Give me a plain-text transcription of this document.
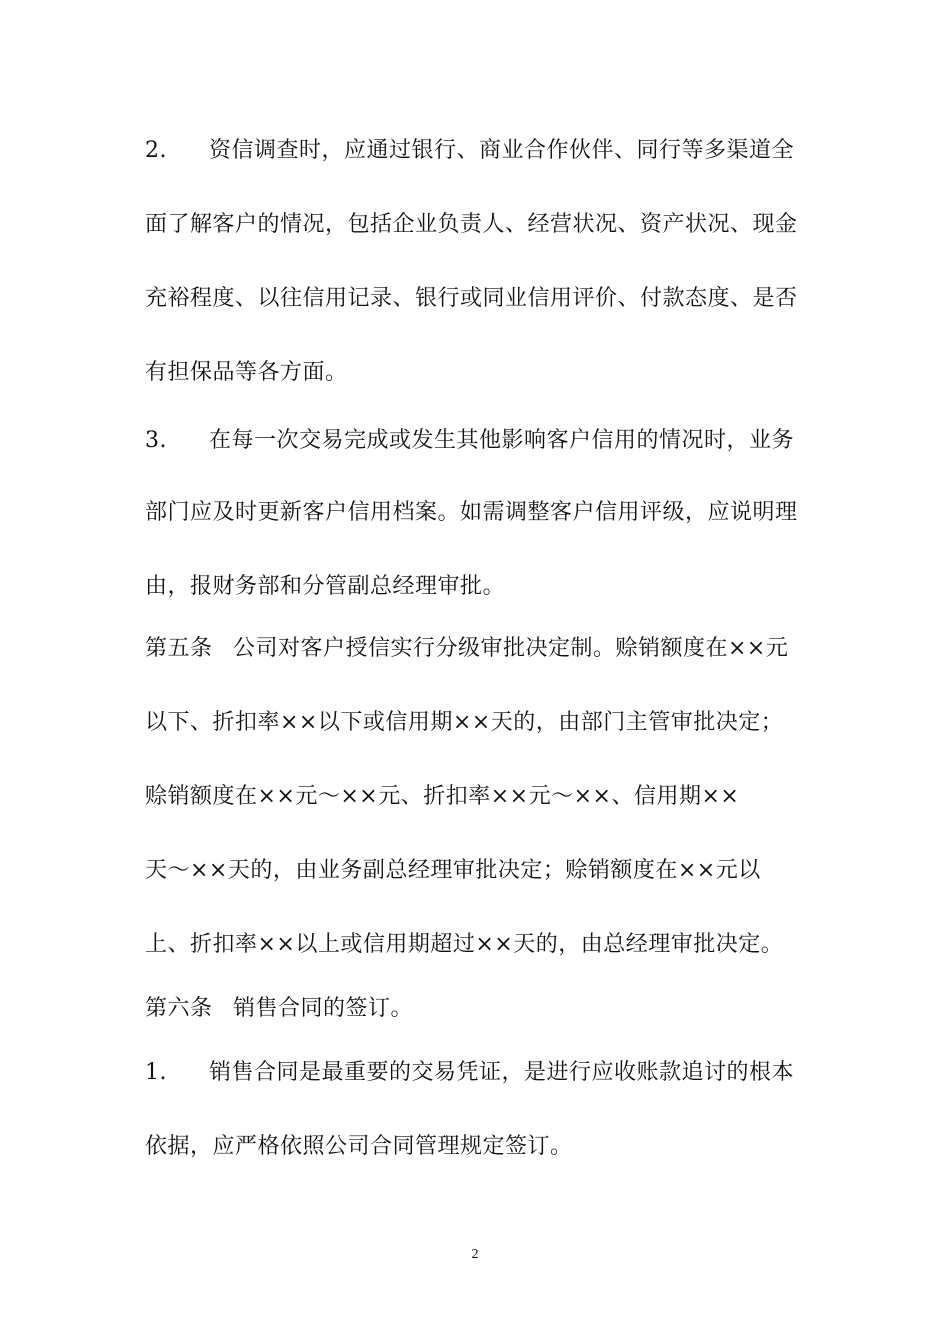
2. 资信调查时，应通过银行、商业合作伙伴、同行等多渠道全
面了解客户的情况，包括企业负责人、经营状况、资产状况、现金
充裕程度、以往信用记录、银行或同业信用评价、付款态度、是否
有担保品等各方面。
3. 在每一次交易完成或发生其他影响客户信用的情况时，业务
部门应及时更新客户信用档案。如需调整客户信用评级，应说明理
由，报财务部和分管副总经理审批。
第五条 公司对客户授信实行分级审批决定制。赊销额度在××元
以下、折扣率××以下或信用期××天的，由部门主管审批决定；
赊销额度在××元～××元、折扣率××元～××、信用期××
天～××天的，由业务副总经理审批决定；赊销额度在××元以
上、折扣率××以上或信用期超过××天的，由总经理审批决定。
第六条 销售合同的签订。
1. 销售合同是最重要的交易凭证，是进行应收账款追讨的根本
依据，应严格依照公司合同管理规定签订。
2
